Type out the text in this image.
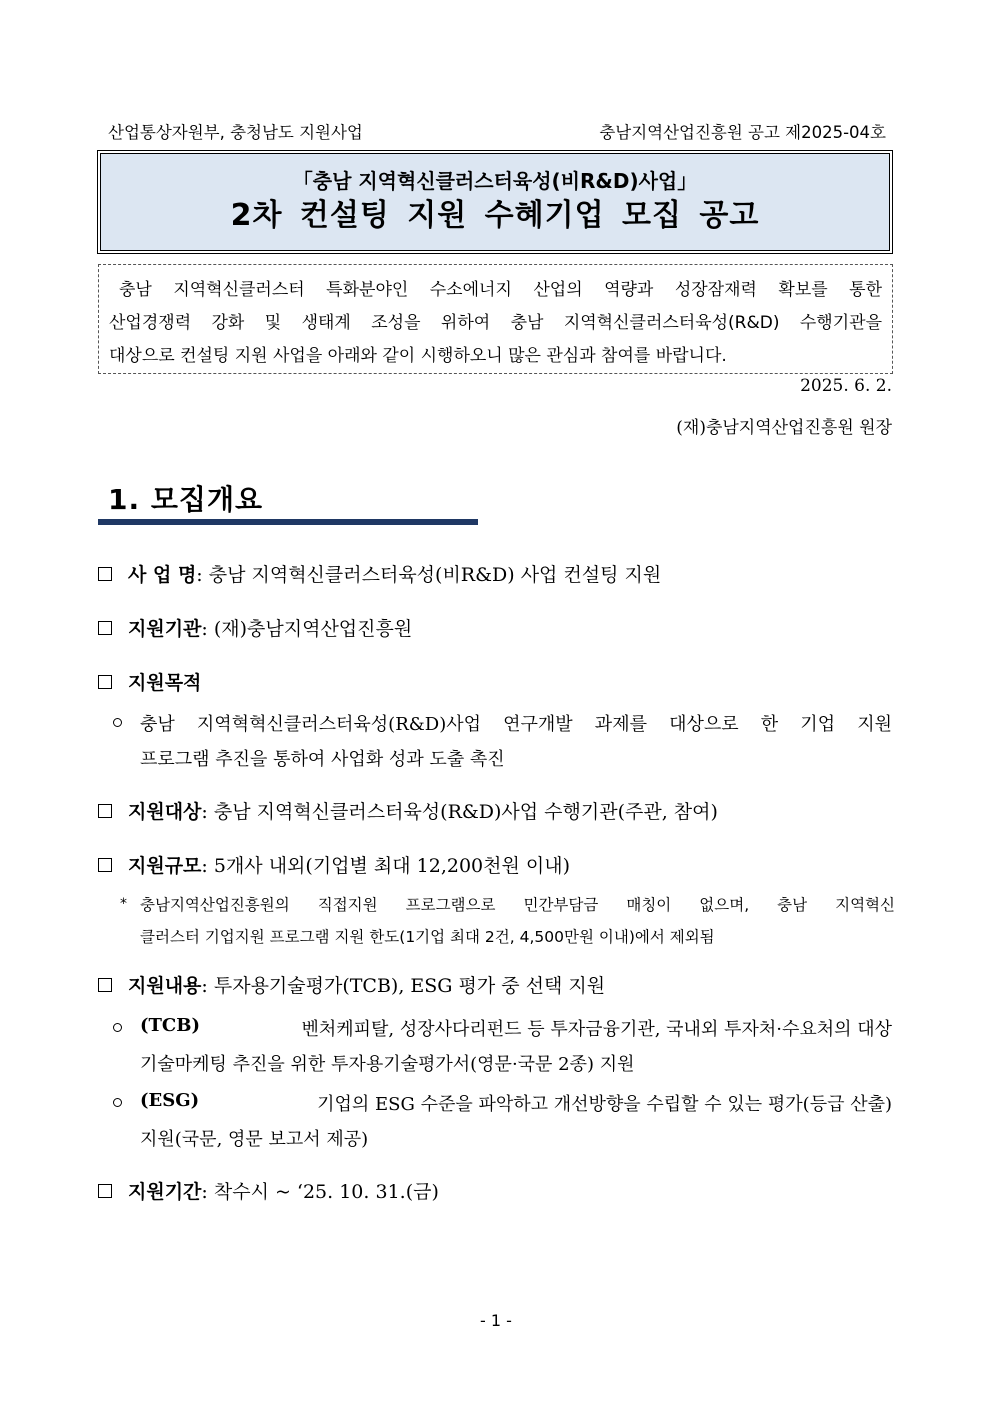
산업통상자원부, 충청남도 지원사업	충남지역산업진흥원 공고 제2025-04호
「충남 지역혁신클러스터육성(비R&D)사업」
2차 컨설팅 지원 수혜기업 모집 공고
충남 지역혁신클러스터 특화분야인 수소에너지 산업의 역량과 성장잠재력 확보를 통한
산업경쟁력 강화 및 생태계 조성을 위하여 충남 지역혁신클러스터육성(R&D) 수행기관을
대상으로 컨설팅 지원 사업을 아래와 같이 시행하오니 많은 관심과 참여를 바랍니다.
2025. 6. 2.
(재)충남지역산업진흥원 원장
1. 모집개요
사 업 명: 충남 지역혁신클러스터육성(비R&D) 사업 컨설팅 지원
지원기관: (재)충남지역산업진흥원
지원목적
충남 지역혁혁신클러스터육성(R&D)사업 연구개발 과제를 대상으로 한 기업 지원
프로그램 추진을 통하여 사업화 성과 도출 촉진
지원대상: 충남 지역혁신클러스터육성(R&D)사업 수행기관(주관, 참여)
지원규모: 5개사 내외(기업별 최대 12,200천원 이내)
* 충남지역산업진흥원의 직접지원 프로그램으로 민간부담금 매칭이 없으며, 충남 지역혁신
클러스터 기업지원 프로그램 지원 한도(1기업 최대 2건, 4,500만원 이내)에서 제외됨
지원내용: 투자용기술평가(TCB), ESG 평가 중 선택 지원
(TCB)	벤처케피탈, 성장사다리펀드 등 투자금융기관, 국내외 투자처·수요처의 대상
기술마케팅 추진을 위한 투자용기술평가서(영문·국문 2종) 지원
(ESG)	기업의 ESG 수준을 파악하고 개선방향을 수립할 수 있는 평가(등급 산출)
지원(국문, 영문 보고서 제공)
지원기간: 착수시 ~ ‘25. 10. 31.(금)
- 1 -
